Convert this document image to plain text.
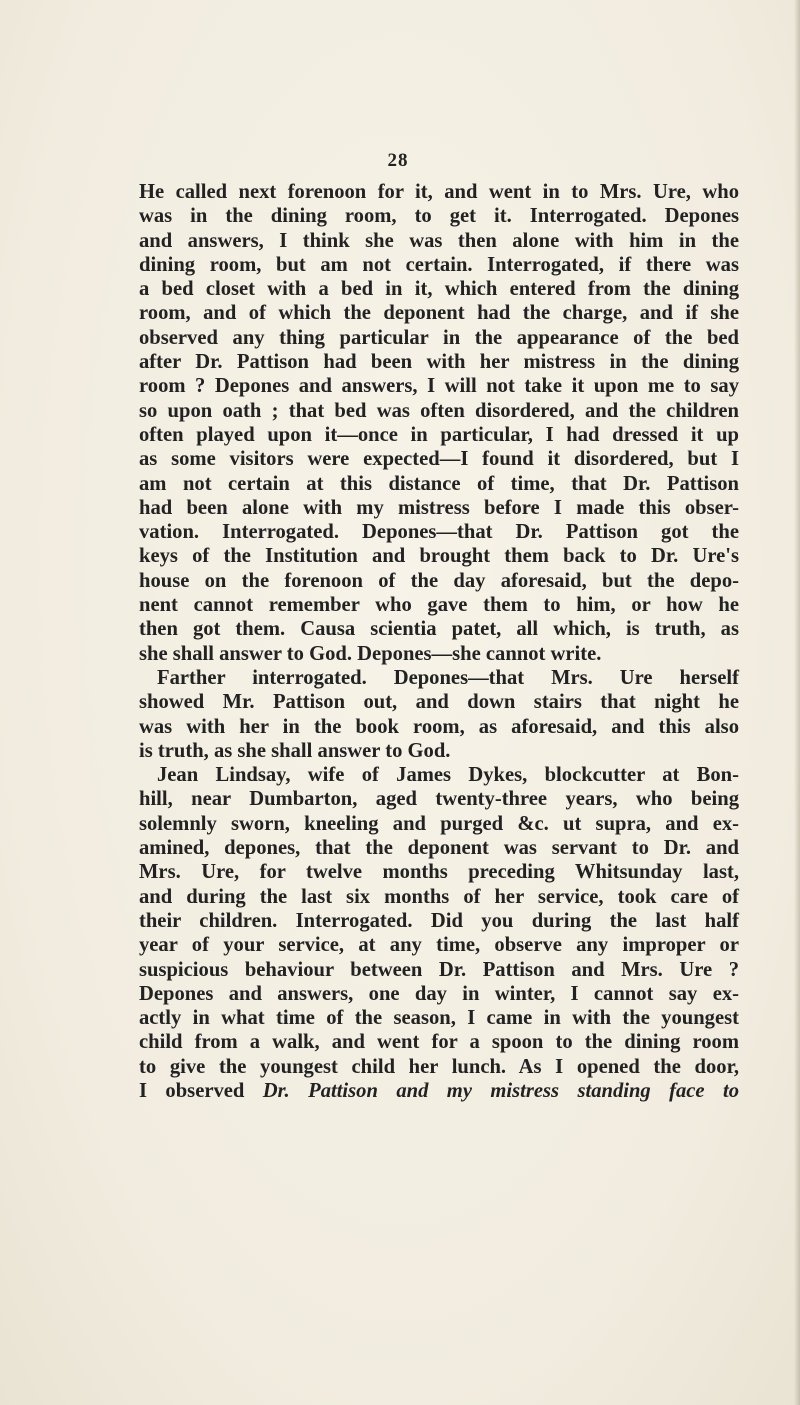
28
He called next forenoon for it, and went in to Mrs. Ure, who
was in the dining room, to get it. Interrogated. Depones
and answers, I think she was then alone with him in the
dining room, but am not certain. Interrogated, if there was
a bed closet with a bed in it, which entered from the dining
room, and of which the deponent had the charge, and if she
observed any thing particular in the appearance of the bed
after Dr. Pattison had been with her mistress in the dining
room ? Depones and answers, I will not take it upon me to say
so upon oath ; that bed was often disordered, and the children
often played upon it—once in particular, I had dressed it up
as some visitors were expected—I found it disordered, but I
am not certain at this distance of time, that Dr. Pattison
had been alone with my mistress before I made this obser-
vation. Interrogated. Depones—that Dr. Pattison got the
keys of the Institution and brought them back to Dr. Ure's
house on the forenoon of the day aforesaid, but the depo-
nent cannot remember who gave them to him, or how he
then got them. Causa scientia patet, all which, is truth, as
she shall answer to God. Depones—she cannot write.
Farther interrogated. Depones—that Mrs. Ure herself
showed Mr. Pattison out, and down stairs that night he
was with her in the book room, as aforesaid, and this also
is truth, as she shall answer to God.
Jean Lindsay, wife of James Dykes, blockcutter at Bon-
hill, near Dumbarton, aged twenty-three years, who being
solemnly sworn, kneeling and purged &c. ut supra, and ex-
amined, depones, that the deponent was servant to Dr. and
Mrs. Ure, for twelve months preceding Whitsunday last,
and during the last six months of her service, took care of
their children. Interrogated. Did you during the last half
year of your service, at any time, observe any improper or
suspicious behaviour between Dr. Pattison and Mrs. Ure ?
Depones and answers, one day in winter, I cannot say ex-
actly in what time of the season, I came in with the youngest
child from a walk, and went for a spoon to the dining room
to give the youngest child her lunch. As I opened the door,
I observed Dr. Pattison and my mistress standing face to
